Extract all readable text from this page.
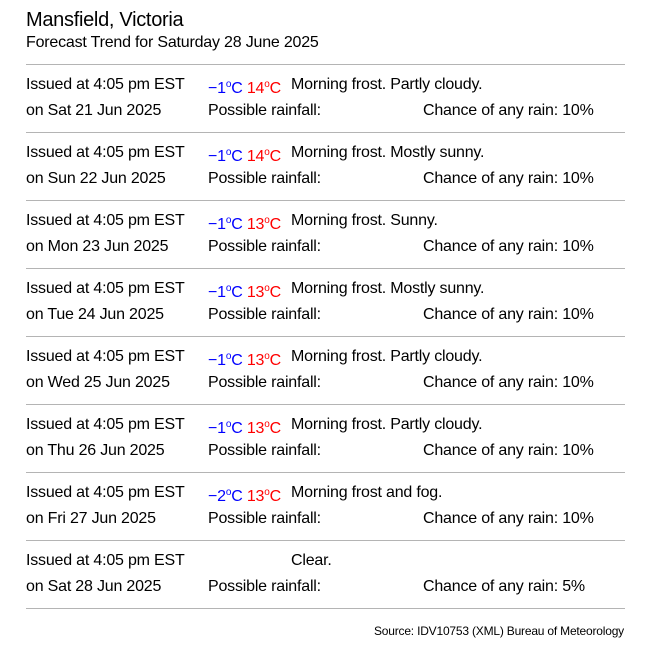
Mansfield, Victoria
Forecast Trend for Saturday 28 June 2025
Issued at 4:05 pm EST $-1^oC$ 14$^o$C Morning frost. Partly cloudy.
on Sat 21 Jun 2025	Possible rainfall:	Chance of any rain: 10%
Issued at 4:05 pm EST $-1^oC$ 14$^o$C Morning frost. Mostly sunny.
on Sun 22 Jun 2025	Possible rainfall:	Chance of any rain: 10%
Issued at 4:05 pm EST $-1^oC$ 13$^o$C Morning frost. Sunny.
on Mon 23 Jun 2025 Possible rainfall:	Chance of any rain: 10%
Issued at 4:05 pm EST $-1^oC$ 13$^o$C Morning frost. Mostly sunny.
on Tue 24 Jun 2025	Possible rainfall:	Chance of any rain: 10%
Issued at 4:05 pm EST $-1^oC$ 13$^o$C Morning frost. Partly cloudy.
on Wed 25 Jun 2025 Possible rainfall:	Chance of any rain: 10%
Issued at 4:05 pm EST $-1^oC$ 13$^o$C Morning frost. Partly cloudy.
on Thu 26 Jun 2025	Possible rainfall:	Chance of any rain: 10%
Issued at 4:05 pm EST $-2^oC$ 13$^o$C Morning frost and fog.
on Fri 27 Jun 2025	Possible rainfall:	Chance of any rain: 10%
Issued at 4:05 pm EST	Clear.
on Sat 28 Jun 2025	Possible rainfall:	Chance of any rain: 5%
Source: IDV10753 (XML) Bureau of Meteorology
